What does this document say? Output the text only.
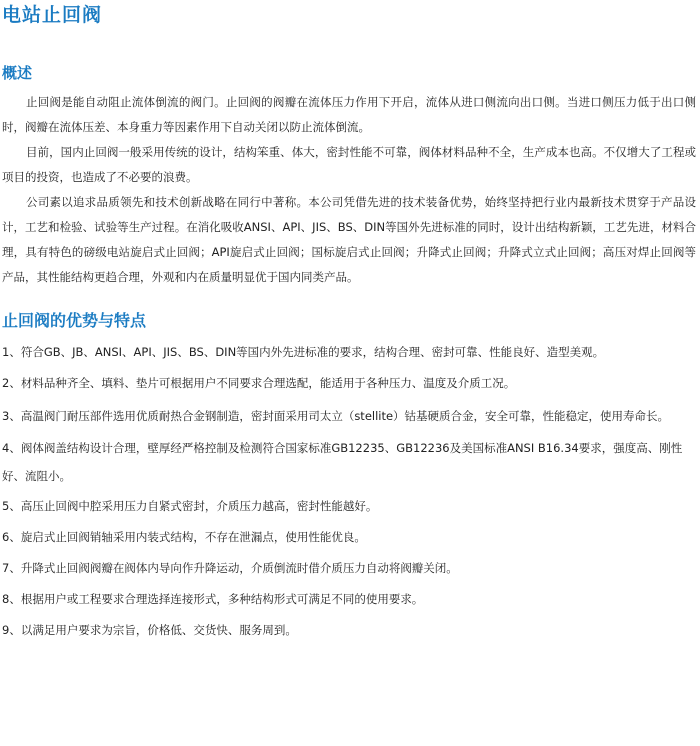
电站止回阀
概述

止回阀是能自动阻止流体倒流的阀门。止回阀的阀瓣在流体压力作用下开启，流体从进口侧流向出口侧。当进口侧压力低于出口侧时，阀瓣在流体压差、本身重力等因素作用下自动关闭以防止流体倒流。

目前，国内止回阀一般采用传统的设计，结构笨重、体大，密封性能不可靠，阀体材料品种不全，生产成本也高。不仅增大了工程或项目的投资，也造成了不必要的浪费。

公司素以追求品质领先和技术创新战略在同行中著称。本公司凭借先进的技术装备优势，始终坚持把行业内最新技术贯穿于产品设计，工艺和检验、试验等生产过程。在消化吸收ANSI、API、JIS、BS、DIN等国外先进标准的同时，设计出结构新颖，工艺先进，材料合理，具有特色的磅级电站旋启式止回阀；API旋启式止回阀；国标旋启式止回阀；升降式止回阀；升降式立式止回阀；高压对焊止回阀等产品，其性能结构更趋合理，外观和内在质量明显优于国内同类产品。

止回阀的优势与特点

1、符合GB、JB、ANSI、API、JIS、BS、DIN等国内外先进标准的要求，结构合理、密封可靠、性能良好、造型美观。

2、材料品种齐全、填料、垫片可根据用户不同要求合理选配，能适用于各种压力、温度及介质工况。

3、高温阀门耐压部件选用优质耐热合金钢制造，密封面采用司太立（stellite）钴基硬质合金，安全可靠，性能稳定，使用寿命长。

4、阀体阀盖结构设计合理，壁厚经严格控制及检测符合国家标准GB12235、GB12236及美国标准ANSI B16.34要求，强度高、刚性好、流阻小。

5、高压止回阀中腔采用压力自紧式密封，介质压力越高，密封性能越好。

6、旋启式止回阀销轴采用内装式结构，不存在泄漏点，使用性能优良。

7、升降式止回阀阀瓣在阀体内导向作升降运动，介质倒流时借介质压力自动将阀瓣关闭。

8、根据用户或工程要求合理选择连接形式，多种结构形式可满足不同的使用要求。

9、以满足用户要求为宗旨，价格低、交货快、服务周到。
